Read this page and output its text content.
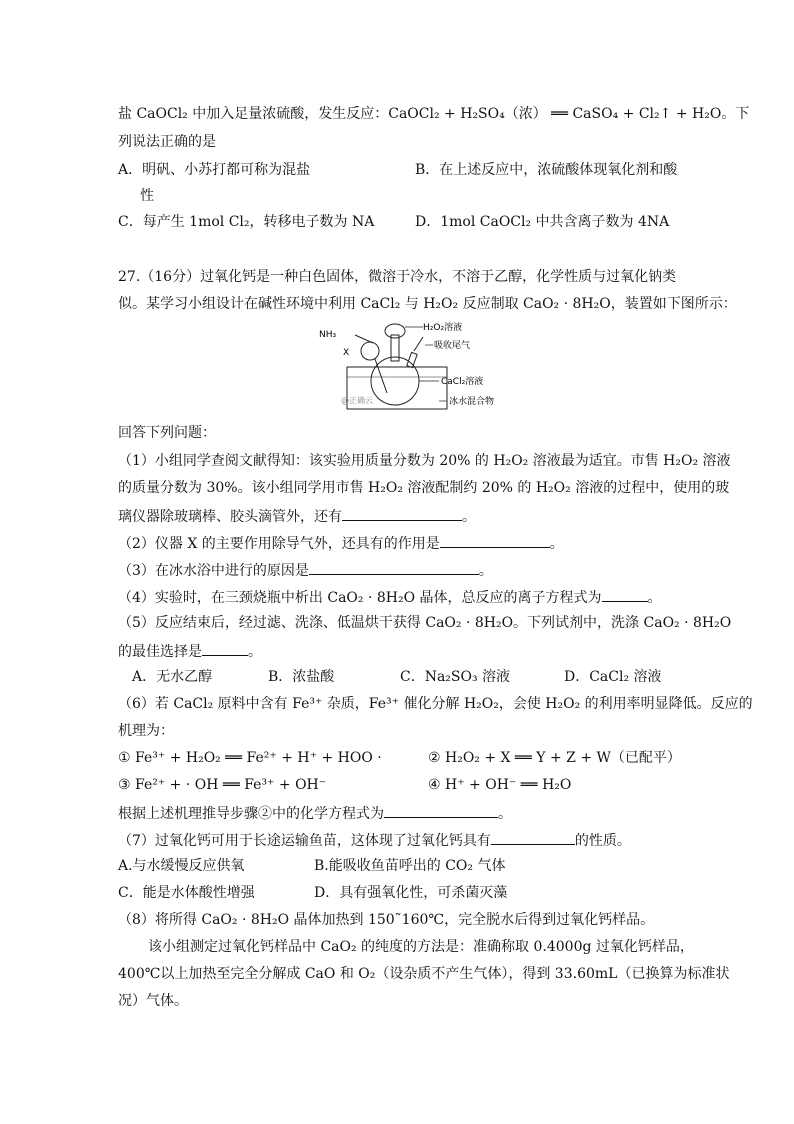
盐 CaOCl₂ 中加入足量浓硫酸，发生反应：CaOCl₂ + H₂SO₄（浓） ══ CaSO₄ + Cl₂↑ + H₂O。下
列说法正确的是
A．明矾、小苏打都可称为混盐	B．在上述反应中，浓硫酸体现氧化剂和酸
性
C．每产生 1mol Cl₂，转移电子数为 NA	D．1mol CaOCl₂ 中共含离子数为 4NA
27.（16分）过氧化钙是一种白色固体，微溶于冷水，不溶于乙醇，化学性质与过氧化钠类
似。某学习小组设计在碱性环境中利用 CaCl₂ 与 H₂O₂ 反应制取 CaO₂ · 8H₂O，装置如下图所示：
NH₃
X
H₂O₂溶液
吸收尾气
CaCl₂溶液
冰水混合物
@正确云
回答下列问题：
（1）小组同学查阅文献得知：该实验用质量分数为 20% 的 H₂O₂ 溶液最为适宜。市售 H₂O₂ 溶液
的质量分数为 30%。该小组同学用市售 H₂O₂ 溶液配制约 20% 的 H₂O₂ 溶液的过程中，使用的玻
璃仪器除玻璃棒、胶头滴管外，还有	。
（2）仪器 X 的主要作用除导气外，还具有的作用是	。
（3）在冰水浴中进行的原因是	。
（4）实验时，在三颈烧瓶中析出 CaO₂ · 8H₂O 晶体，总反应的离子方程式为	。
（5）反应结束后，经过滤、洗涤、低温烘干获得 CaO₂ · 8H₂O。下列试剂中，洗涤 CaO₂ · 8H₂O
的最佳选择是	。
A．无水乙醇	B．浓盐酸	C．Na₂SO₃ 溶液	D．CaCl₂ 溶液
（6）若 CaCl₂ 原料中含有 Fe³⁺ 杂质，Fe³⁺ 催化分解 H₂O₂，会使 H₂O₂ 的利用率明显降低。反应的
机理为：
① Fe³⁺ + H₂O₂ ══ Fe²⁺ + H⁺ + HOO ·	② H₂O₂ + X ══ Y + Z + W（已配平）
③ Fe²⁺ + · OH ══ Fe³⁺ + OH⁻	④ H⁺ + OH⁻ ══ H₂O
根据上述机理推导步骤②中的化学方程式为	。
（7）过氧化钙可用于长途运输鱼苗，这体现了过氧化钙具有	的性质。
A.与水缓慢反应供氧	B.能吸收鱼苗呼出的 CO₂ 气体
C．能是水体酸性增强	D．具有强氧化性，可杀菌灭藻
（8）将所得 CaO₂ · 8H₂O 晶体加热到 150˜160℃，完全脱水后得到过氧化钙样品。
该小组测定过氧化钙样品中 CaO₂ 的纯度的方法是：准确称取 0.4000g 过氧化钙样品，
400℃以上加热至完全分解成 CaO 和 O₂（设杂质不产生气体），得到 33.60mL（已换算为标准状
况）气体。
